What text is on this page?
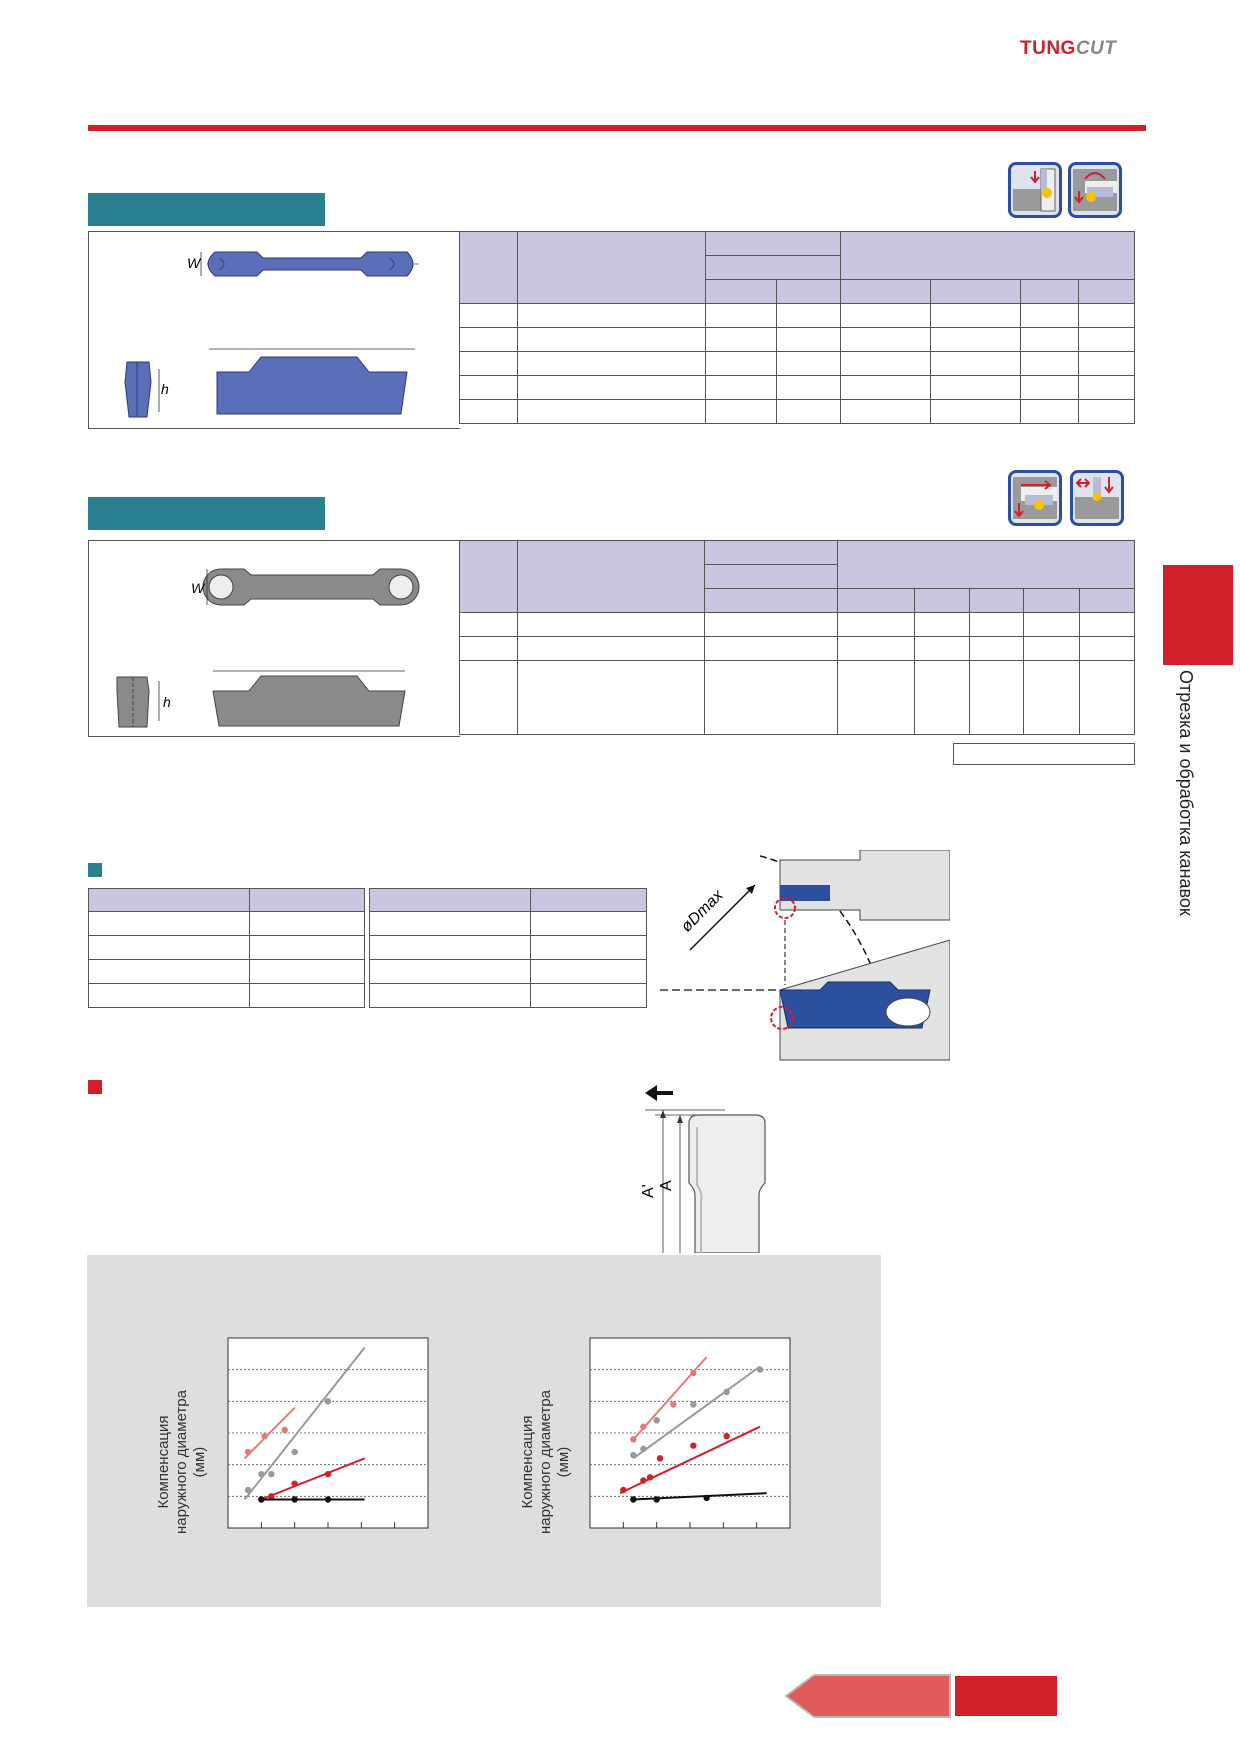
TUNGCUT
W
h

W
h

øDmax
A' A
Компенсация наружного диаметра (мм)	Компенсация наружного диаметра (мм)
Отрезка и обработка канавок
